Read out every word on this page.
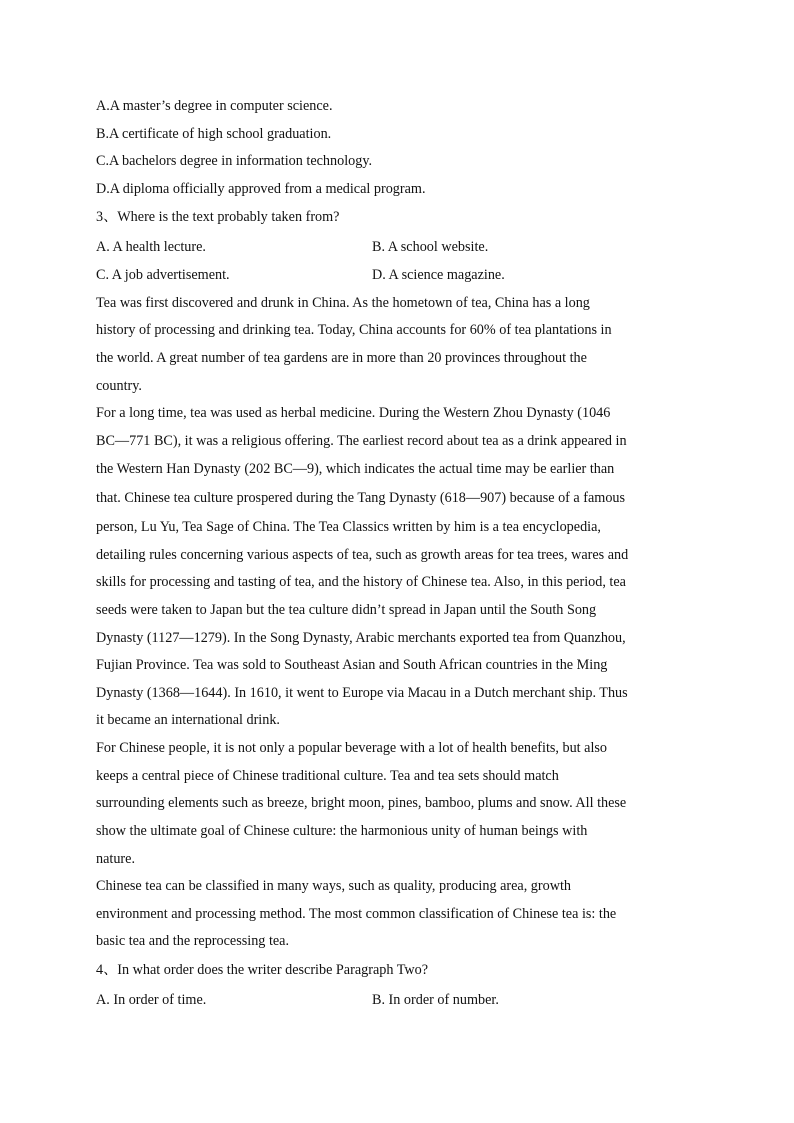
A.A master’s degree in computer science.
B.A certificate of high school graduation.
C.A bachelors degree in information technology.
D.A diploma officially approved from a medical program.
3、Where is the text probably taken from?
A. A health lecture.	B. A school website.
C. A job advertisement.	D. A science magazine.
Tea was first discovered and drunk in China. As the hometown of tea, China has a long
history of processing and drinking tea. Today, China accounts for 60% of tea plantations in
the world. A great number of tea gardens are in more than 20 provinces throughout the
country.
For a long time, tea was used as herbal medicine. During the Western Zhou Dynasty (1046
BC—771 BC), it was a religious offering. The earliest record about tea as a drink appeared in
the Western Han Dynasty (202 BC—9), which indicates the actual time may be earlier than
that. Chinese tea culture prospered during the Tang Dynasty (618—907) because of a famous
person, Lu Yu, Tea Sage of China. The Tea Classics written by him is a tea encyclopedia,
detailing rules concerning various aspects of tea, such as growth areas for tea trees, wares and
skills for processing and tasting of tea, and the history of Chinese tea. Also, in this period, tea
seeds were taken to Japan but the tea culture didn’t spread in Japan until the South Song
Dynasty (1127—1279). In the Song Dynasty, Arabic merchants exported tea from Quanzhou,
Fujian Province. Tea was sold to Southeast Asian and South African countries in the Ming
Dynasty (1368—1644). In 1610, it went to Europe via Macau in a Dutch merchant ship. Thus
it became an international drink.
For Chinese people, it is not only a popular beverage with a lot of health benefits, but also
keeps a central piece of Chinese traditional culture. Tea and tea sets should match
surrounding elements such as breeze, bright moon, pines, bamboo, plums and snow. All these
show the ultimate goal of Chinese culture: the harmonious unity of human beings with
nature.
Chinese tea can be classified in many ways, such as quality, producing area, growth
environment and processing method. The most common classification of Chinese tea is: the
basic tea and the reprocessing tea.
4、In what order does the writer describe Paragraph Two?
A. In order of time.	B. In order of number.
